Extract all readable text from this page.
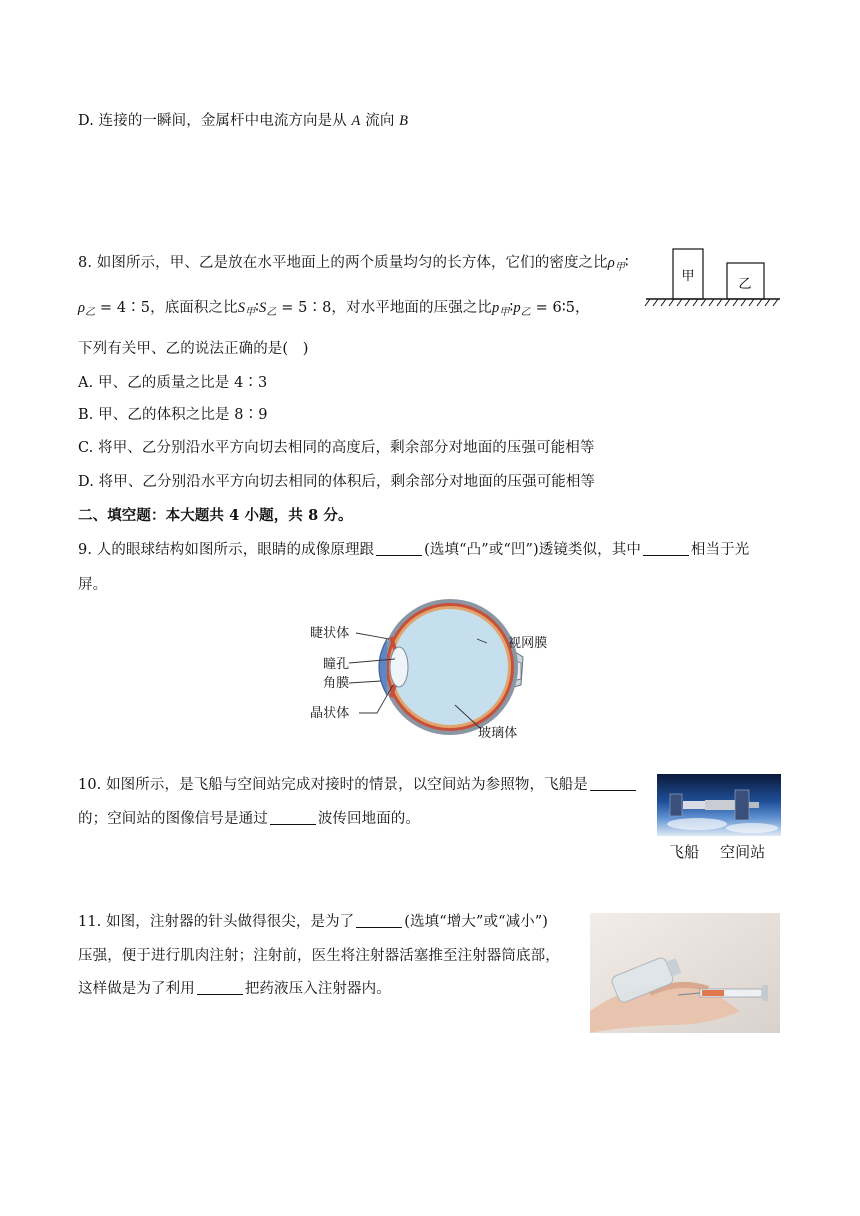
D. 连接的一瞬间，金属杆中电流方向是从 A 流向 B
8. 如图所示，甲、乙是放在水平地面上的两个质量均匀的长方体，它们的密度之比$\rho_甲∶$
$\rho_乙$ = 4∶5，底面积之比$S_甲∶S_乙$ = 5∶8，对水平地面的压强之比$p_甲∶p_乙$ = 6∶5，
下列有关甲、乙的说法正确的是(　)
A. 甲、乙的质量之比是 4∶3
B. 甲、乙的体积之比是 8∶9
C. 将甲、乙分别沿水平方向切去相同的高度后，剩余部分对地面的压强可能相等
D. 将甲、乙分别沿水平方向切去相同的体积后，剩余部分对地面的压强可能相等
甲
乙
二、填空题：本大题共 4 小题，共 8 分。
9. 人的眼球结构如图所示，眼睛的成像原理跟	(选填“凸”或“凹”)透镜类似，其中	相当于光
屏。
睫状体
瞳孔
角膜
晶状体
视网膜
玻璃体
10. 如图所示，是飞船与空间站完成对接时的情景，以空间站为参照物，飞船是
的；空间站的图像信号是通过	波传回地面的。
飞船 空间站
11. 如图，注射器的针头做得很尖，是为了	(选填“增大”或“减小”)
压强，便于进行肌肉注射；注射前，医生将注射器活塞推至注射器筒底部，
这样做是为了利用	把药液压入注射器内。
